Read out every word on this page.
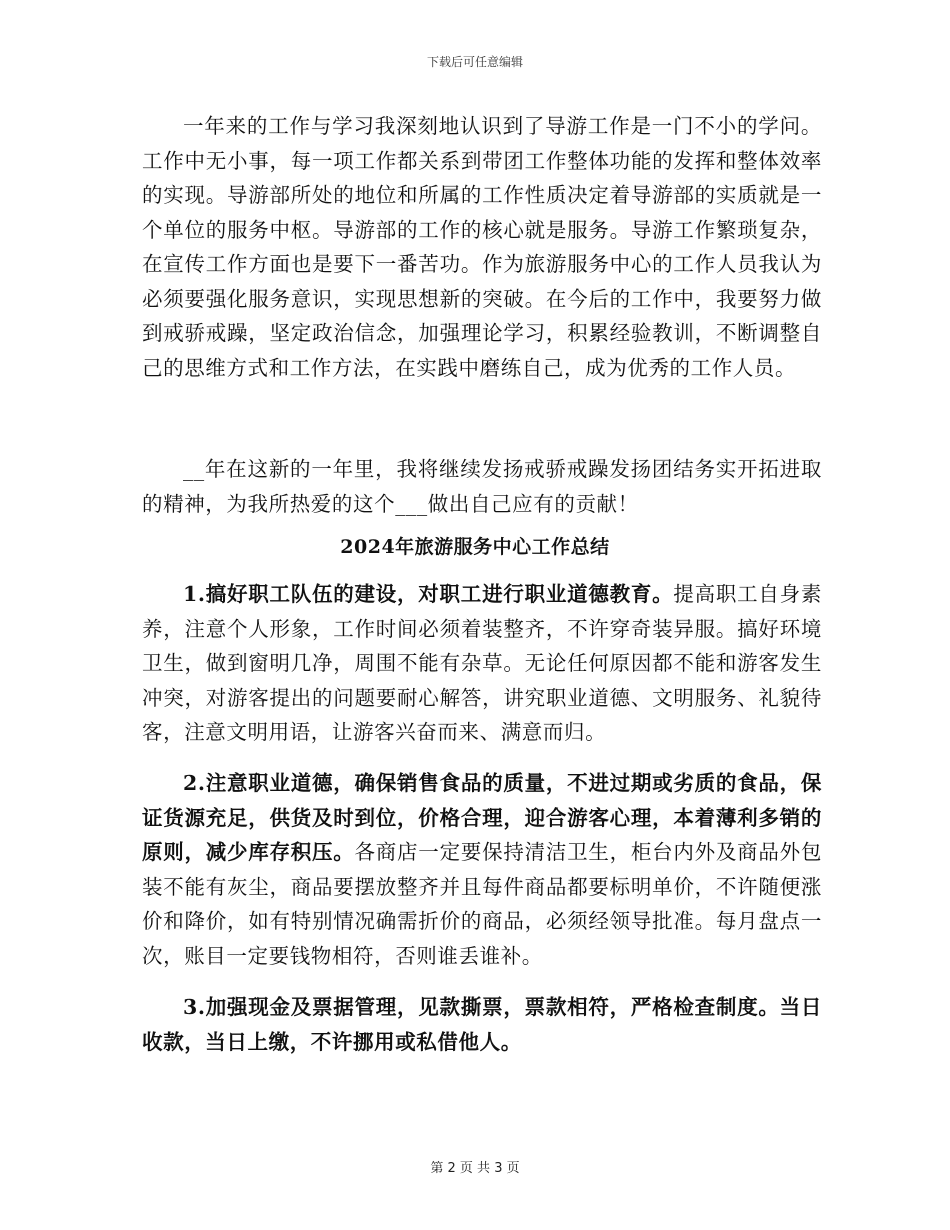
下载后可任意编辑

一年来的工作与学习我深刻地认识到了导游工作是一门不小的学问。工作中无小事，每一项工作都关系到带团工作整体功能的发挥和整体效率的实现。导游部所处的地位和所属的工作性质决定着导游部的实质就是一个单位的服务中枢。导游部的工作的核心就是服务。导游工作繁琐复杂，在宣传工作方面也是要下一番苦功。作为旅游服务中心的工作人员我认为必须要强化服务意识，实现思想新的突破。在今后的工作中，我要努力做到戒骄戒躁，坚定政治信念，加强理论学习，积累经验教训，不断调整自己的思维方式和工作方法，在实践中磨练自己，成为优秀的工作人员。

__年在这新的一年里，我将继续发扬戒骄戒躁发扬团结务实开拓进取的精神，为我所热爱的这个___做出自己应有的贡献！

2024年旅游服务中心工作总结

1.搞好职工队伍的建设，对职工进行职业道德教育。提高职工自身素养，注意个人形象，工作时间必须着装整齐，不许穿奇装异服。搞好环境卫生，做到窗明几净，周围不能有杂草。无论任何原因都不能和游客发生冲突，对游客提出的问题要耐心解答，讲究职业道德、文明服务、礼貌待客，注意文明用语，让游客兴奋而来、满意而归。

2.注意职业道德，确保销售食品的质量，不进过期或劣质的食品，保证货源充足，供货及时到位，价格合理，迎合游客心理，本着薄利多销的原则，减少库存积压。各商店一定要保持清洁卫生，柜台内外及商品外包装不能有灰尘，商品要摆放整齐并且每件商品都要标明单价，不许随便涨价和降价，如有特别情况确需折价的商品，必须经领导批准。每月盘点一次，账目一定要钱物相符，否则谁丢谁补。

3.加强现金及票据管理，见款撕票，票款相符，严格检查制度。当日收款，当日上缴，不许挪用或私借他人。

第 2 页 共 3 页
